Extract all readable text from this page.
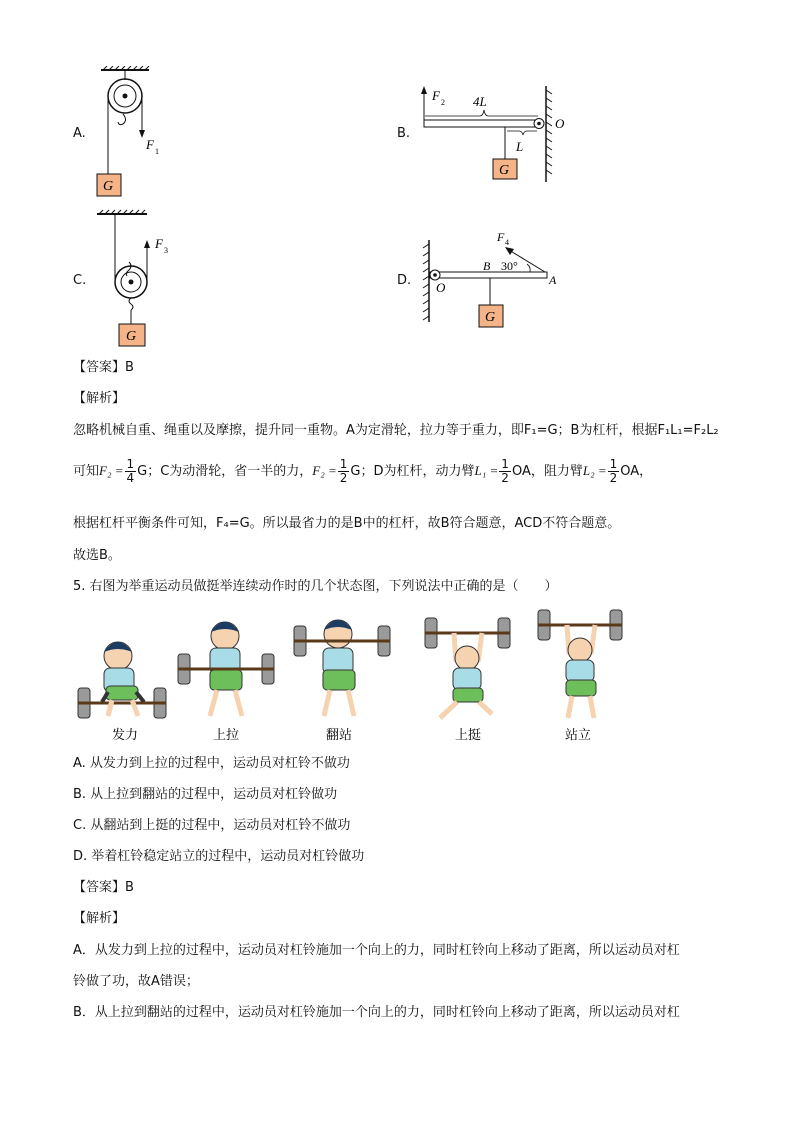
A.
G
F 1
B.
G
F 2 4L
L
O
C.
G
F 3
D.
G
F 4
O
B 30°
A
【答案】B
【解析】
忽略机械自重、绳重以及摩擦，提升同一重物。A为定滑轮，拉力等于重力，即F₁=G；B为杠杆，根据F₁L₁=F₂L₂
可知$F_2 = \frac{1}{4}$ G；C为动滑轮，省一半的力，$F_2 = \frac{1}{2}$ G；D为杠杆，动力臂$L_1 = \frac{1}{2}$ OA，阻力臂$L_2 = \frac{1}{2}$ OA，
根据杠杆平衡条件可知，F₄=G。所以最省力的是B中的杠杆，故B符合题意，ACD不符合题意。
故选B。
5. 右图为举重运动员做挺举连续动作时的几个状态图，下列说法中正确的是（　　）
发力	上拉	翻站	上挺	站立
A. 从发力到上拉的过程中，运动员对杠铃不做功
B. 从上拉到翻站的过程中，运动员对杠铃做功
C. 从翻站到上挺的过程中，运动员对杠铃不做功
D. 举着杠铃稳定站立的过程中，运动员对杠铃做功
【答案】B
【解析】
A．从发力到上拉的过程中，运动员对杠铃施加一个向上的力，同时杠铃向上移动了距离，所以运动员对杠
铃做了功，故A错误；
B．从上拉到翻站的过程中，运动员对杠铃施加一个向上的力，同时杠铃向上移动了距离，所以运动员对杠
